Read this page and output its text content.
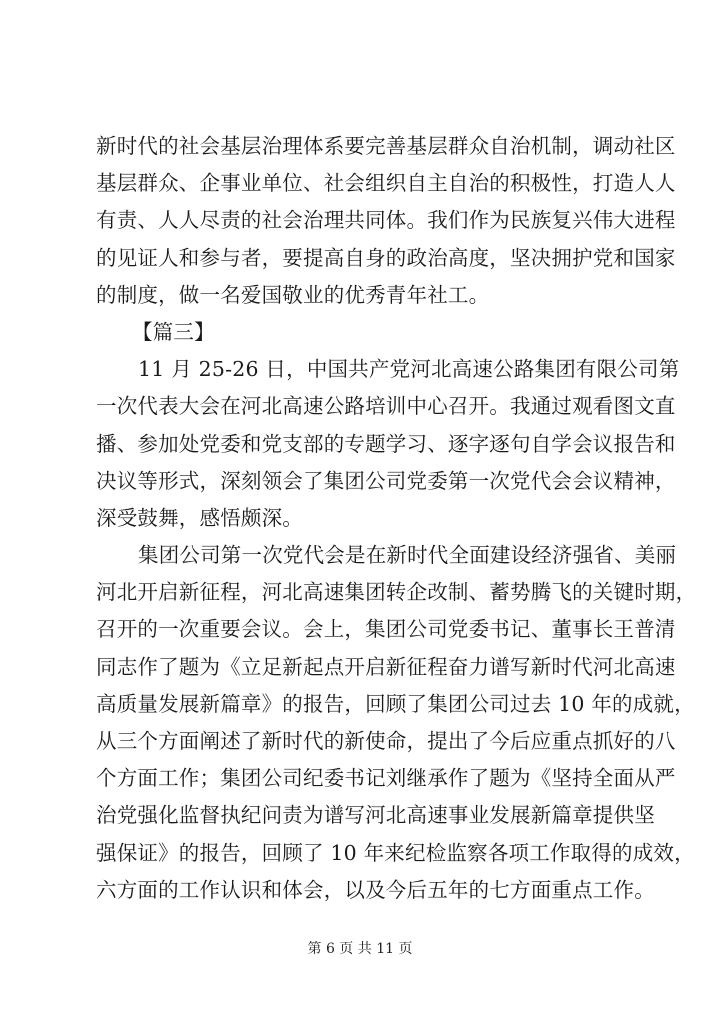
新时代的社会基层治理体系要完善基层群众自治机制，调动社区
基层群众、企事业单位、社会组织自主自治的积极性，打造人人
有责、人人尽责的社会治理共同体。我们作为民族复兴伟大进程
的见证人和参与者，要提高自身的政治高度，坚决拥护党和国家
的制度，做一名爱国敬业的优秀青年社工。
【篇三】
11 月 25-26 日，中国共产党河北高速公路集团有限公司第
一次代表大会在河北高速公路培训中心召开。我通过观看图文直
播、参加处党委和党支部的专题学习、逐字逐句自学会议报告和
决议等形式，深刻领会了集团公司党委第一次党代会会议精神，
深受鼓舞，感悟颇深。
集团公司第一次党代会是在新时代全面建设经济强省、美丽
河北开启新征程，河北高速集团转企改制、蓄势腾飞的关键时期，
召开的一次重要会议。会上，集团公司党委书记、董事长王普清
同志作了题为《立足新起点开启新征程奋力谱写新时代河北高速
高质量发展新篇章》的报告，回顾了集团公司过去 10 年的成就，
从三个方面阐述了新时代的新使命，提出了今后应重点抓好的八
个方面工作；集团公司纪委书记刘继承作了题为《坚持全面从严
治党强化监督执纪问责为谱写河北高速事业发展新篇章提供坚
强保证》的报告，回顾了 10 年来纪检监察各项工作取得的成效，
六方面的工作认识和体会，以及今后五年的七方面重点工作。
第 6 页 共 11 页
